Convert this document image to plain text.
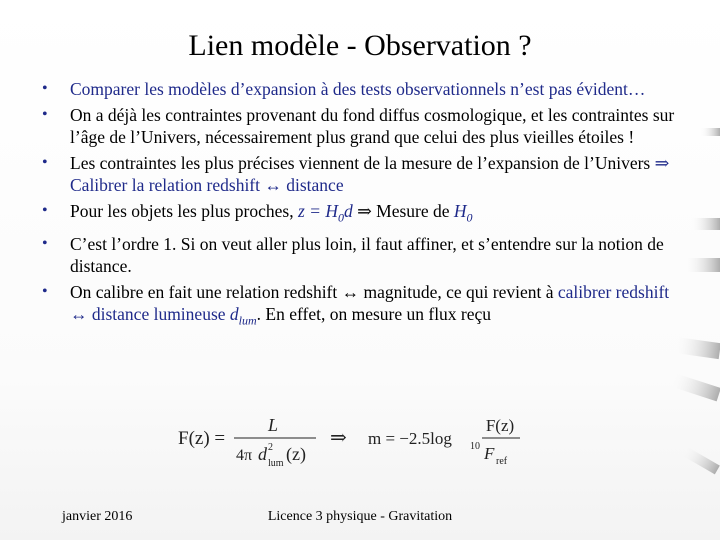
Lien modèle - Observation ?
• Comparer les modèles d’expansion à des tests observationnels n’est pas évident…
• On a déjà les contraintes provenant du fond diffus cosmologique, et les contraintes sur l’âge de l’Univers, nécessairement plus grand que celui des plus vieilles étoiles !
• Les contraintes les plus précises viennent de la mesure de l’expansion de l’Univers ⇒ Calibrer la relation redshift ↔ distance
• Pour les objets les plus proches, $z = H_0d$ ⇒ Mesure de $H_0$
• C’est l’ordre 1. Si on veut aller plus loin, il faut affiner, et s’entendre sur la notion de distance.
• On calibre en fait une relation redshift ↔ magnitude, ce qui revient à calibrer redshift ↔ distance lumineuse $d_{lum}$. En effet, on mesure un flux reçu
F(z) =
L
4π d 2
lum (z)
⇒ m = −2.5log 10
F(z)
F ref
janvier 2016	Licence 3 physique - Gravitation
